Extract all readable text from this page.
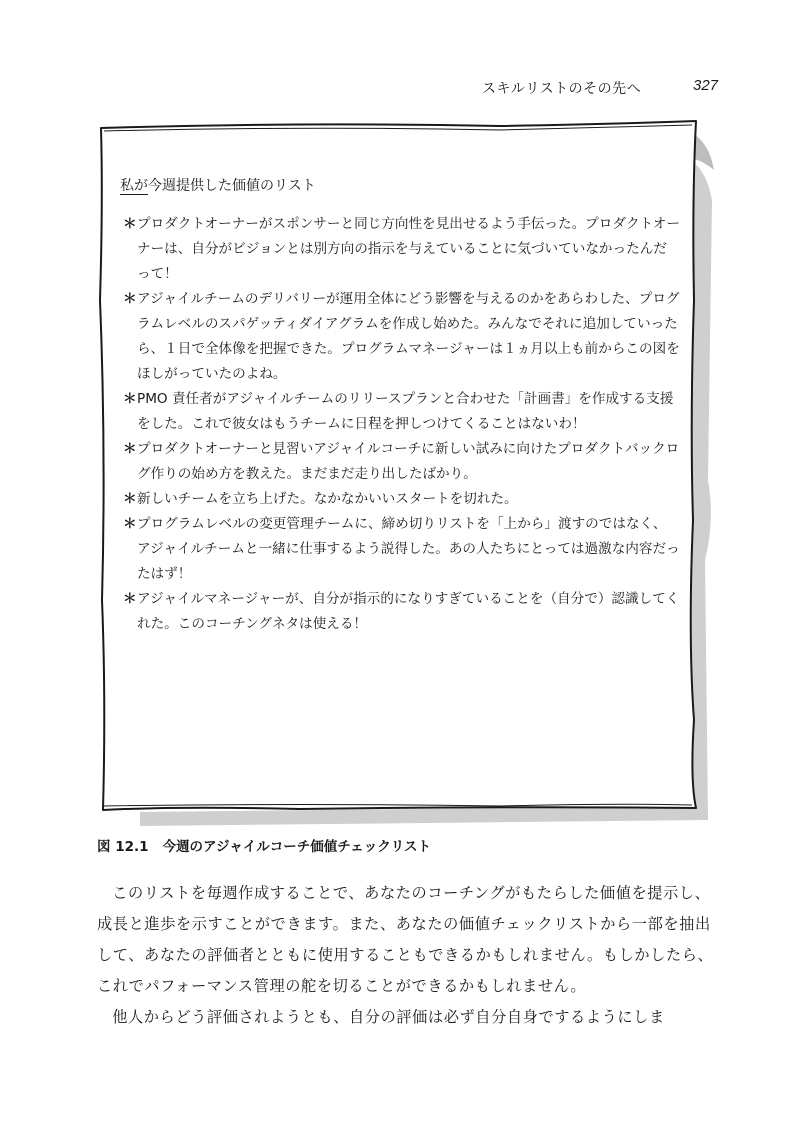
スキルリストのその先へ	327
私が今週提供した価値のリスト
＊ プロダクトオーナーがスポンサーと同じ方向性を見出せるよう手伝った。プロダクトオーナーは、自分がビジョンとは別方向の指示を与えていることに気づいていなかったんだって！
＊ アジャイルチームのデリバリーが運用全体にどう影響を与えるのかをあらわした、プログラムレベルのスパゲッティダイアグラムを作成し始めた。みんなでそれに追加していったら、１日で全体像を把握できた。プログラムマネージャーは１ヵ月以上も前からこの図をほしがっていたのよね。
＊ PMO 責任者がアジャイルチームのリリースプランと合わせた「計画書」を作成する支援をした。これで彼女はもうチームに日程を押しつけてくることはないわ！
＊ プロダクトオーナーと見習いアジャイルコーチに新しい試みに向けたプロダクトバックログ作りの始め方を教えた。まだまだ走り出したばかり。
＊ 新しいチームを立ち上げた。なかなかいいスタートを切れた。
＊ プログラムレベルの変更管理チームに、締め切りリストを「上から」渡すのではなく、アジャイルチームと一緒に仕事するよう説得した。あの人たちにとっては過激な内容だったはず！
＊ アジャイルマネージャーが、自分が指示的になりすぎていることを（自分で）認識してくれた。このコーチングネタは使える！
図 12.1 今週のアジャイルコーチ価値チェックリスト

このリストを毎週作成することで、あなたのコーチングがもたらした価値を提示し、成長と進歩を示すことができます。また、あなたの価値チェックリストから一部を抽出して、あなたの評価者とともに使用することもできるかもしれません。もしかしたら、これでパフォーマンス管理の舵を切ることができるかもしれません。

他人からどう評価されようとも、自分の評価は必ず自分自身でするようにしま
